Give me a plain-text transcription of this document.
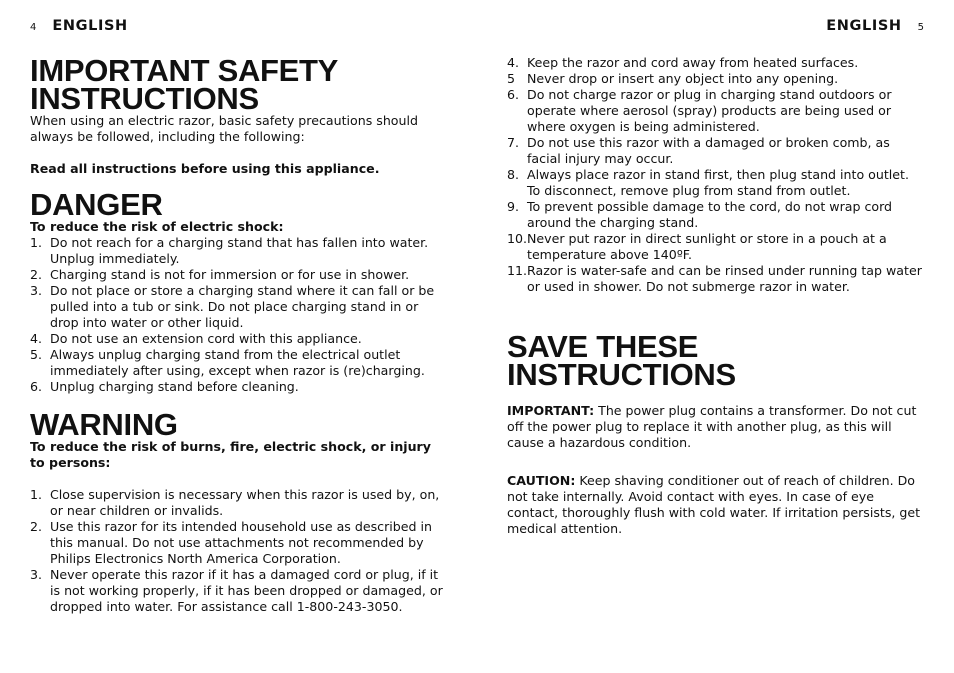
4 ENGLISH	ENGLISH 5
IMPORTANT SAFETY
INSTRUCTIONS

When using an electric razor, basic safety precautions should always be followed, including the following:

Read all instructions before using this appliance.

DANGER

To reduce the risk of electric shock:

1. Do not reach for a charging stand that has fallen into water. Unplug immediately.
2. Charging stand is not for immersion or for use in shower.
3. Do not place or store a charging stand where it can fall or be pulled into a tub or sink. Do not place charging stand in or drop into water or other liquid.
4. Do not use an extension cord with this appliance.
5. Always unplug charging stand from the electrical outlet immediately after using, except when razor is (re)charging.
6. Unplug charging stand before cleaning.
WARNING

To reduce the risk of burns, fire, electric shock, or injury to persons:

1. Close supervision is necessary when this razor is used by, on, or near children or invalids.
2. Use this razor for its intended household use as described in this manual. Do not use attachments not recommended by Philips Electronics North America Corporation.
3. Never operate this razor if it has a damaged cord or plug, if it is not working properly, if it has been dropped or damaged, or dropped into water. For assistance call 1-800-243-3050.
4. Keep the razor and cord away from heated surfaces.
5 Never drop or insert any object into any opening.
6. Do not charge razor or plug in charging stand outdoors or operate where aerosol (spray) products are being used or where oxygen is being administered.
7. Do not use this razor with a damaged or broken comb, as facial injury may occur.
8. Always place razor in stand first, then plug stand into outlet. To disconnect, remove plug from stand from outlet.
9. To prevent possible damage to the cord, do not wrap cord around the charging stand.
10. Never put razor in direct sunlight or store in a pouch at a temperature above 140ºF.
11. Razor is water-safe and can be rinsed under running tap water or used in shower. Do not submerge razor in water.
SAVE THESE
INSTRUCTIONS

IMPORTANT: The power plug contains a transformer. Do not cut off the power plug to replace it with another plug, as this will cause a hazardous condition.

CAUTION: Keep shaving conditioner out of reach of children. Do not take internally. Avoid contact with eyes. In case of eye contact, thoroughly flush with cold water. If irritation persists, get medical attention.
